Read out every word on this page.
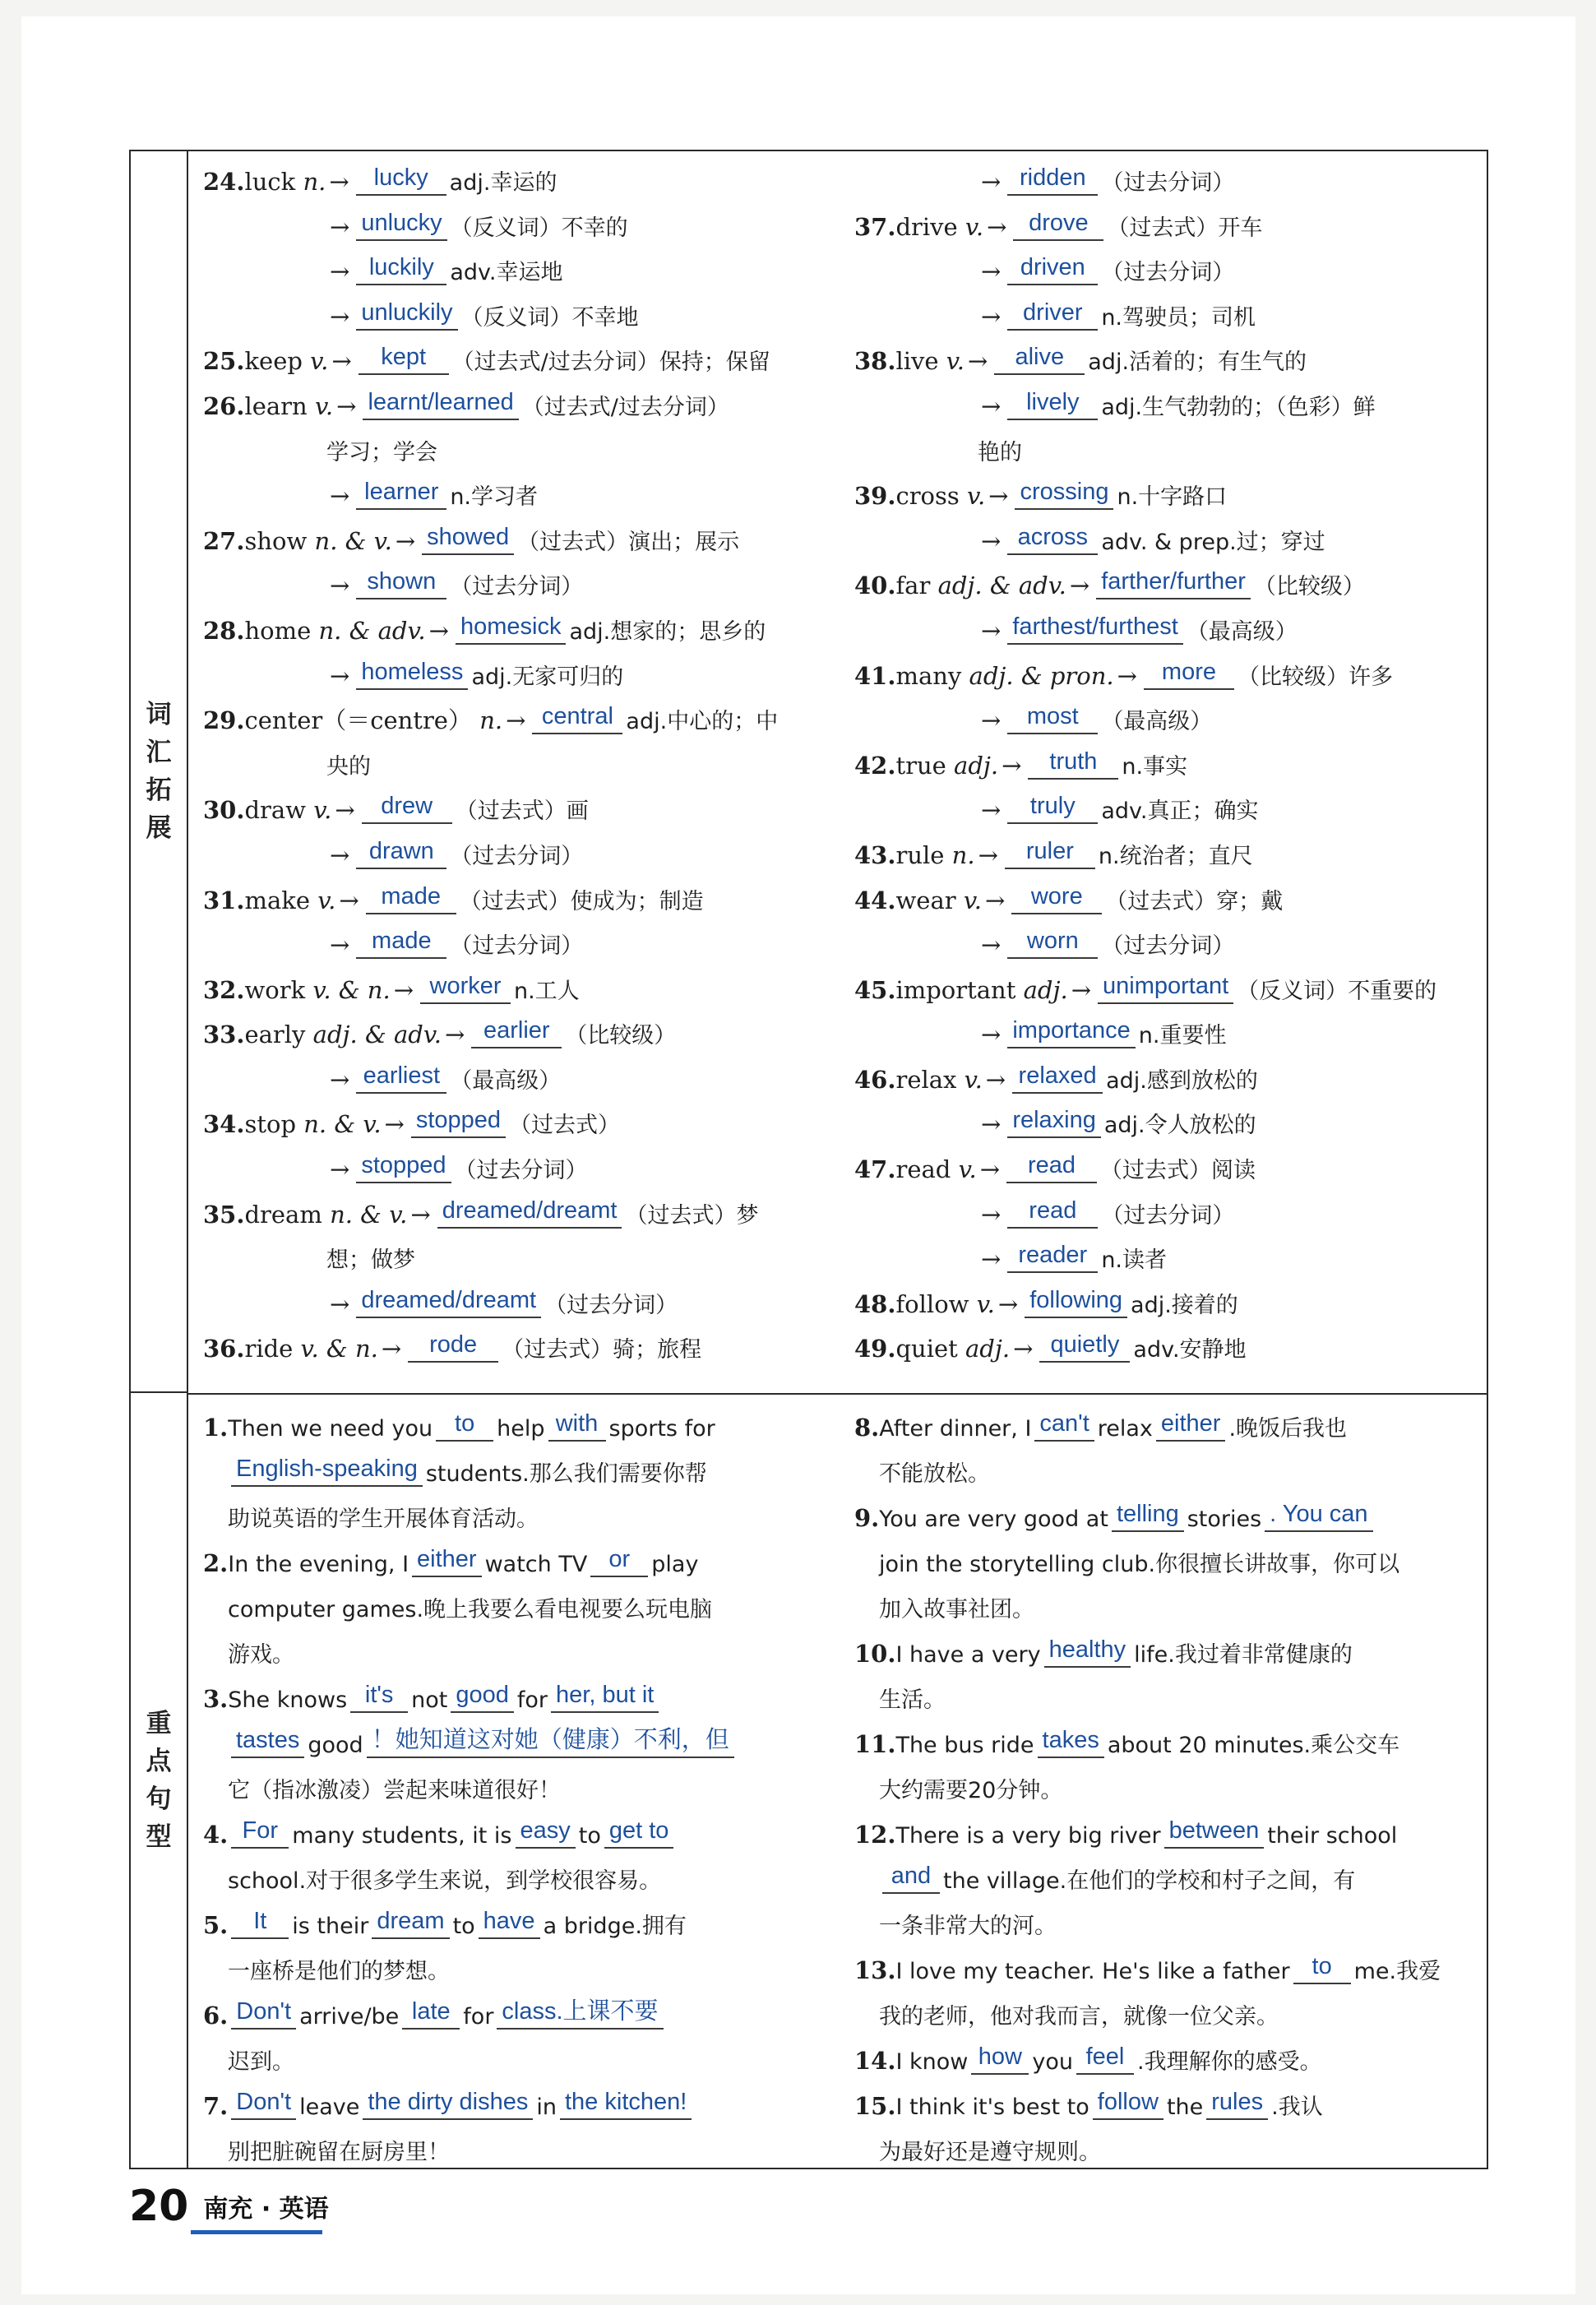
词
汇
拓
展
重
点
句
型
24.luck n. → lucky adj.幸运的
→ unlucky （反义词）不幸的
→ luckily adv.幸运地
→ unluckily （反义词）不幸地
25.keep v. → kept （过去式/过去分词）保持；保留
26.learn v. → learnt/learned （过去式/过去分词）
学习；学会
→ learner n.学习者
27.show n. & v. → showed （过去式）演出；展示
→ shown （过去分词）
28.home n. & adv. → homesick adj.想家的；思乡的
→ homeless adj.无家可归的
29.center（＝centre） n. → central adj.中心的；中
央的
30.draw v. → drew （过去式）画
→ drawn （过去分词）
31.make v. → made （过去式）使成为；制造
→ made （过去分词）
32.work v. & n. → worker n.工人
33.early adj. & adv. → earlier （比较级）
→ earliest （最高级）
34.stop n. & v. → stopped （过去式）
→ stopped （过去分词）
35.dream n. & v. → dreamed/dreamt （过去式）梦
想；做梦
→ dreamed/dreamt （过去分词）
36.ride v. & n. → rode （过去式）骑；旅程
→ ridden （过去分词）
37.drive v. → drove （过去式）开车
→ driven （过去分词）
→ driver n.驾驶员；司机
38.live v. → alive adj.活着的；有生气的
→ lively adj.生气勃勃的；（色彩）鲜
艳的
39.cross v. → crossing n.十字路口
→ across adv. & prep.过；穿过
40.far adj. & adv. → farther/further （比较级）
→ farthest/furthest （最高级）
41.many adj. & pron. → more （比较级）许多
→ most （最高级）
42.true adj. → truth n.事实
→ truly adv.真正；确实
43.rule n. → ruler n.统治者；直尺
44.wear v. → wore （过去式）穿；戴
→ worn （过去分词）
45.important adj. → unimportant （反义词）不重要的
→ importance n.重要性
46.relax v. → relaxed adj.感到放松的
→ relaxing adj.令人放松的
47.read v. → read （过去式）阅读
→ read （过去分词）
→ reader n.读者
48.follow v. → following adj.接着的
49.quiet adj. → quietly adv.安静地
1.Then we need you to help with sports for
English-speaking students.那么我们需要你帮
助说英语的学生开展体育活动。
2.In the evening, I either watch TV or play
computer games.晚上我要么看电视要么玩电脑
游戏。
3.She knows it's not good for her, but it
tastes good ！她知道这对她（健康）不利，但
它（指冰激凌）尝起来味道很好！
4. For many students, it is easy to get to
school.对于很多学生来说，到学校很容易。
5. It is their dream to have a bridge.拥有
一座桥是他们的梦想。
6. Don't arrive/be late for class.上课不要
迟到。
7. Don't leave the dirty dishes in the kitchen!
别把脏碗留在厨房里！
8.After dinner, I can't relax either .晚饭后我也
不能放松。
9.You are very good at telling stories . You can
join the storytelling club.你很擅长讲故事，你可以
加入故事社团。
10.I have a very healthy life.我过着非常健康的
生活。
11.The bus ride takes about 20 minutes.乘公交车
大约需要20分钟。
12.There is a very big river between their school
and the village.在他们的学校和村子之间，有
一条非常大的河。
13.I love my teacher. He's like a father to me.我爱
我的老师，他对我而言，就像一位父亲。
14.I know how you feel .我理解你的感受。
15.I think it's best to follow the rules .我认
为最好还是遵守规则。
20 南充 · 英语
